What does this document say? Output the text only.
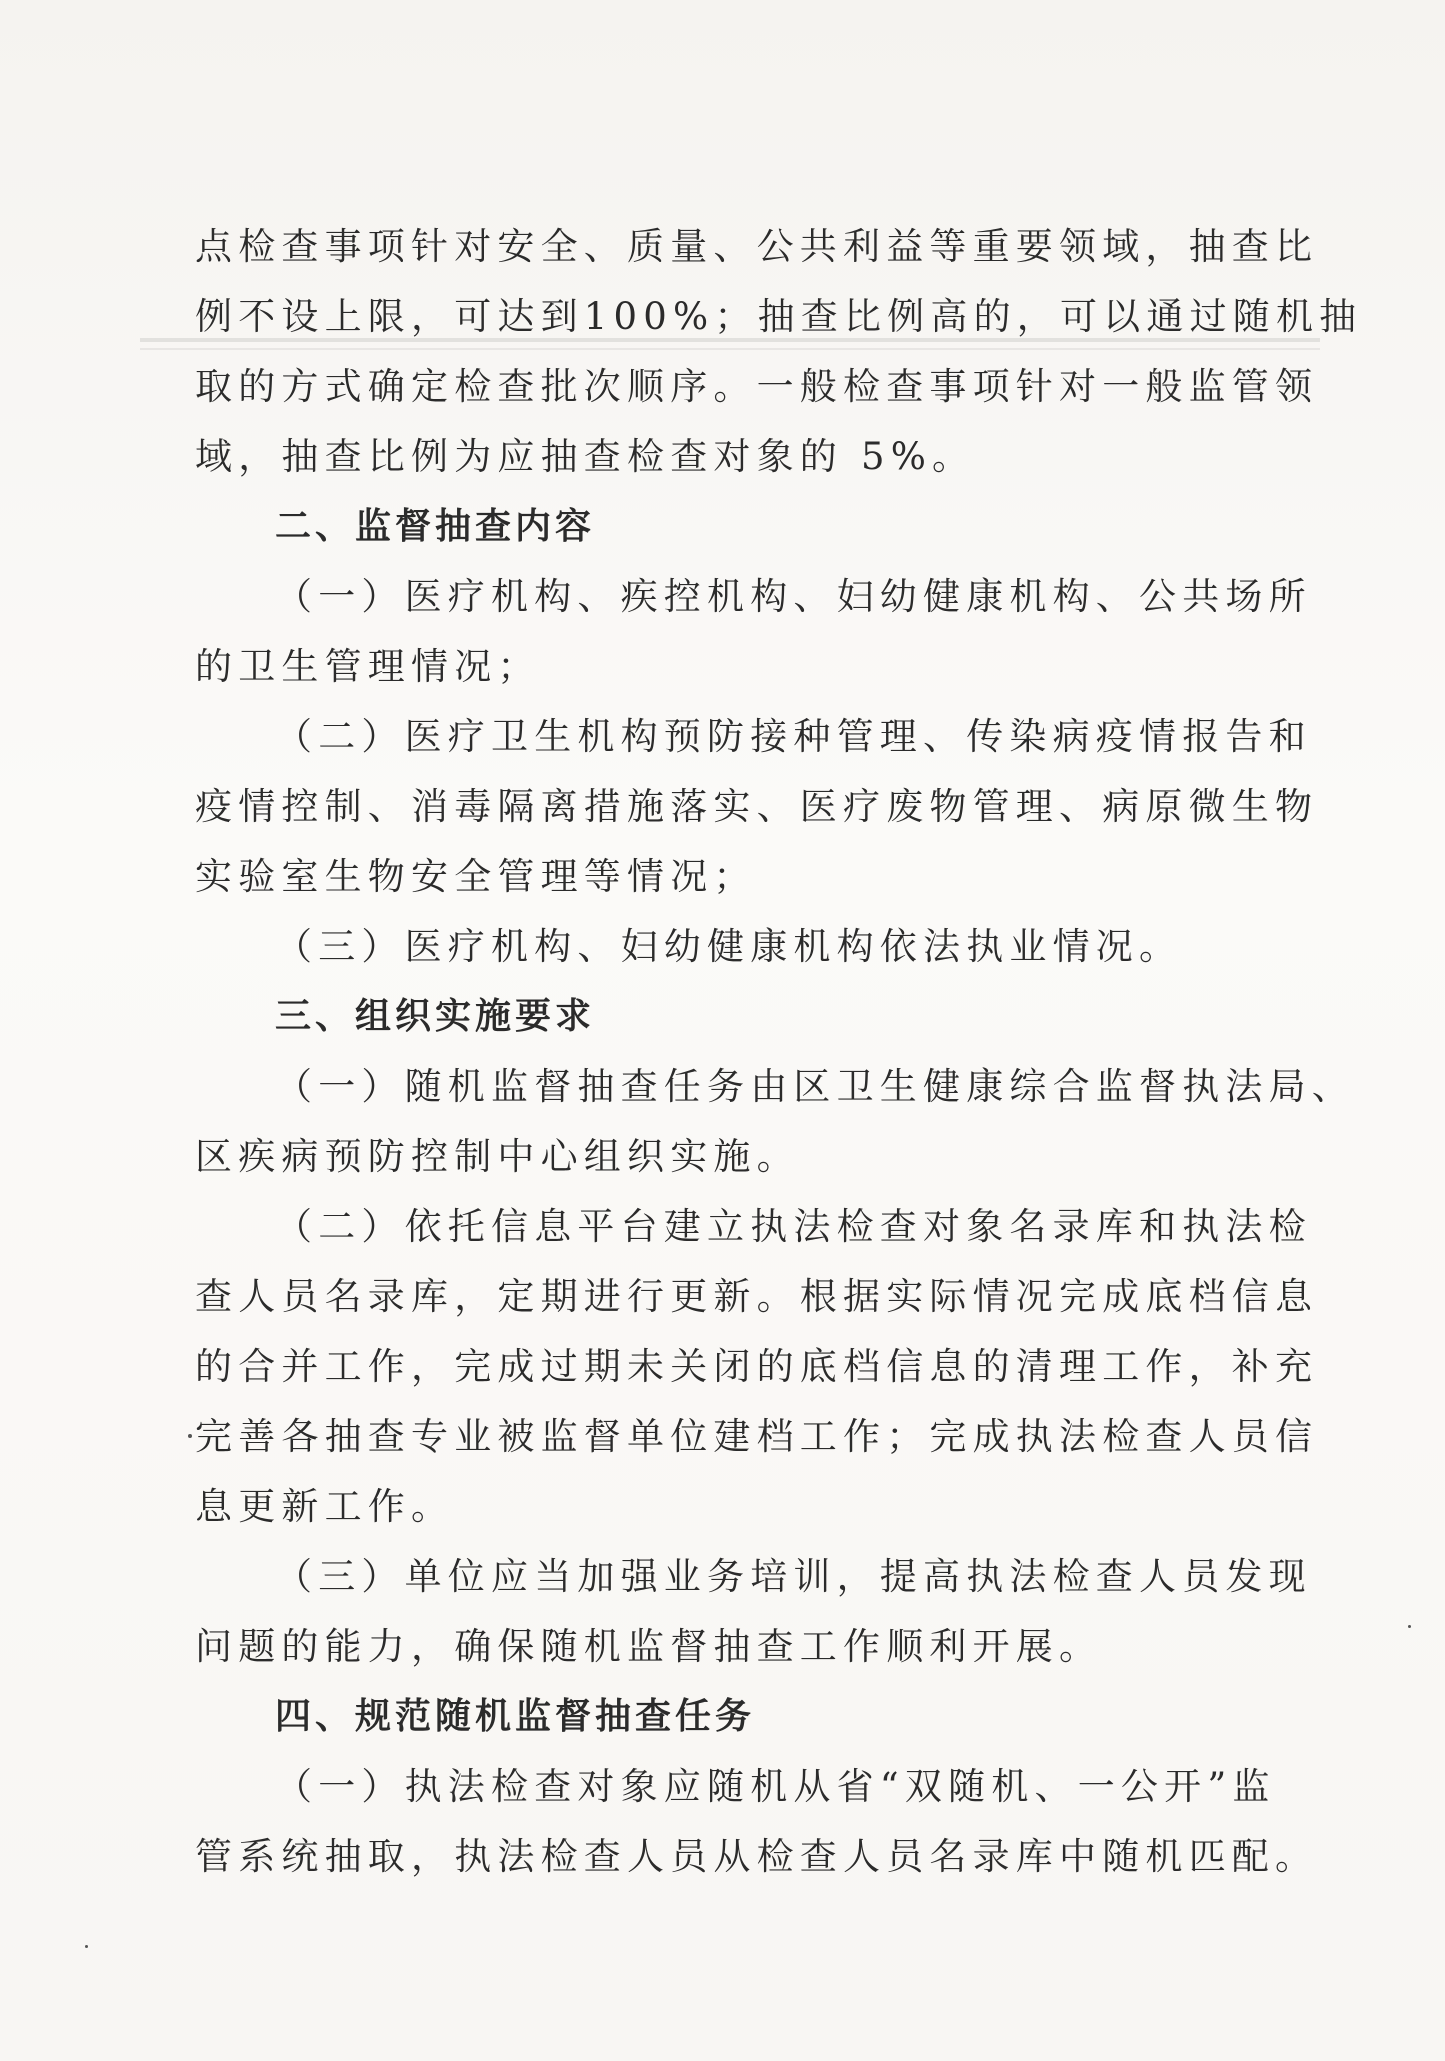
点检查事项针对安全、质量、公共利益等重要领域，抽查比
例不设上限，可达到100%；抽查比例高的，可以通过随机抽
取的方式确定检查批次顺序。一般检查事项针对一般监管领
域，抽查比例为应抽查检查对象的 5%。
二、监督抽查内容
（一）医疗机构、疾控机构、妇幼健康机构、公共场所
的卫生管理情况；
（二）医疗卫生机构预防接种管理、传染病疫情报告和
疫情控制、消毒隔离措施落实、医疗废物管理、病原微生物
实验室生物安全管理等情况；
（三）医疗机构、妇幼健康机构依法执业情况。
三、组织实施要求
（一）随机监督抽查任务由区卫生健康综合监督执法局、
区疾病预防控制中心组织实施。
（二）依托信息平台建立执法检查对象名录库和执法检
查人员名录库，定期进行更新。根据实际情况完成底档信息
的合并工作，完成过期未关闭的底档信息的清理工作，补充
完善各抽查专业被监督单位建档工作；完成执法检查人员信
息更新工作。
（三）单位应当加强业务培训，提高执法检查人员发现
问题的能力，确保随机监督抽查工作顺利开展。
四、规范随机监督抽查任务
（一）执法检查对象应随机从省“双随机、一公开”监
管系统抽取，执法检查人员从检查人员名录库中随机匹配。
